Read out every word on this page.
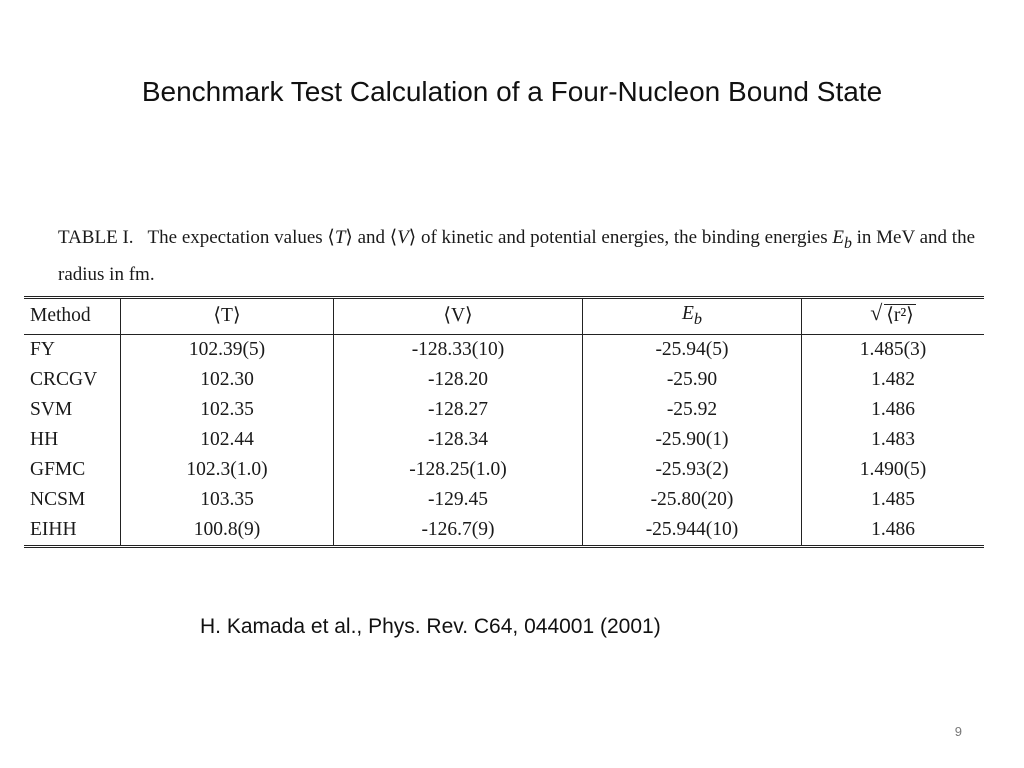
Benchmark Test Calculation of a Four-Nucleon Bound State
TABLE I. The expectation values ⟨T⟩ and ⟨V⟩ of kinetic and potential energies, the binding energies $E_b$ in MeV and the radius in fm.
Method	⟨T⟩	⟨V⟩	$E_b$	√ ⟨r²⟩
FY	102.39(5)	-128.33(10)	-25.94(5)	1.485(3)
CRCGV	102.30	-128.20	-25.90	1.482
SVM	102.35	-128.27	-25.92	1.486
HH	102.44	-128.34	-25.90(1)	1.483
GFMC	102.3(1.0)	-128.25(1.0)	-25.93(2)	1.490(5)
NCSM	103.35	-129.45	-25.80(20)	1.485
EIHH	100.8(9)	-126.7(9)	-25.944(10)	1.486
H. Kamada et al., Phys. Rev. C64, 044001 (2001)
9
